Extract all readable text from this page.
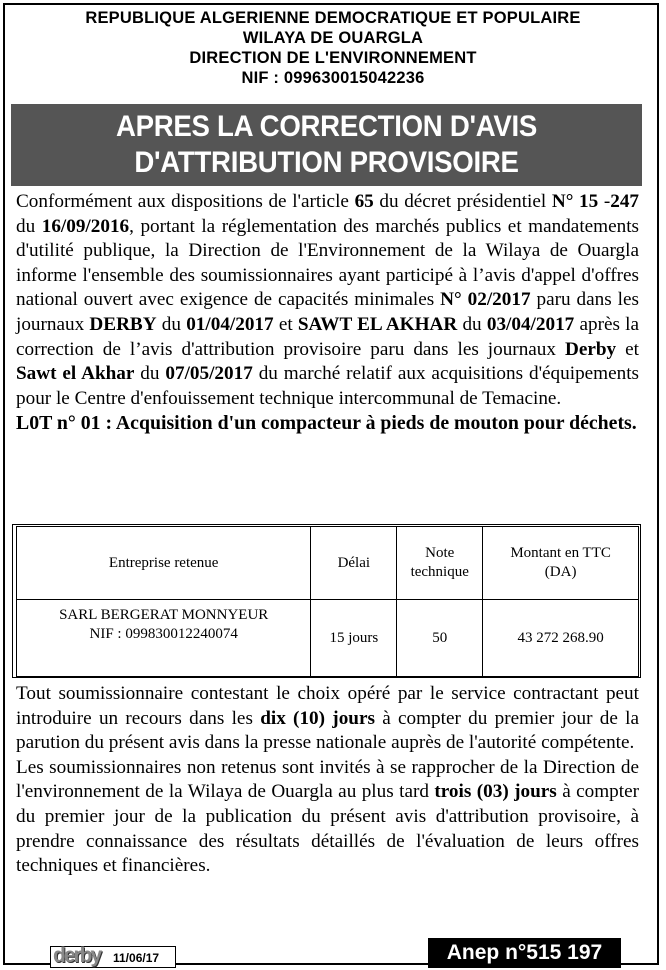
REPUBLIQUE ALGERIENNE DEMOCRATIQUE ET POPULAIRE
WILAYA DE OUARGLA
DIRECTION DE L'ENVIRONNEMENT
NIF : 099630015042236
APRES LA CORRECTION D'AVIS
D'ATTRIBUTION PROVISOIRE
Conformément aux dispositions de l'article 65 du décret présidentiel N° 15 -247 du 16/09/2016, portant la réglementation des marchés publics et mandatements d'utilité publique, la Direction de l'Environnement de la Wilaya de Ouargla informe l'ensemble des soumissionnaires ayant participé à l’avis d'appel d'offres national ouvert avec exigence de capacités minimales N° 02/2017 paru dans les journaux DERBY du 01/04/2017 et SAWT EL AKHAR du 03/04/2017 après la correction de l’avis d'attribution provisoire paru dans les journaux Derby et Sawt el Akhar du 07/05/2017 du marché relatif aux acquisitions d'équipements pour le Centre d'enfouissement technique intercommunal de Temacine.
L0T n° 01 : Acquisition d'un compacteur à pieds de mouton pour déchets.
Entreprise retenue	Délai	Note technique	Montant en TTC (DA)

SARL BERGERAT MONNYEUR
NIF : 099830012240074	15 jours	50	43 272 268.90
Tout soumissionnaire contestant le choix opéré par le service contractant peut introduire un recours dans les dix (10) jours à compter du premier jour de la parution du présent avis dans la presse nationale auprès de l'autorité compétente.
Les soumissionnaires non retenus sont invités à se rapprocher de la Direction de l'environnement de la Wilaya de Ouargla au plus tard trois (03) jours à compter du premier jour de la publication du présent avis d'attribution provisoire, à prendre connaissance des résultats détaillés de l'évaluation de leurs offres techniques et financières.
derby 11/06/17	Anep n°515 197
